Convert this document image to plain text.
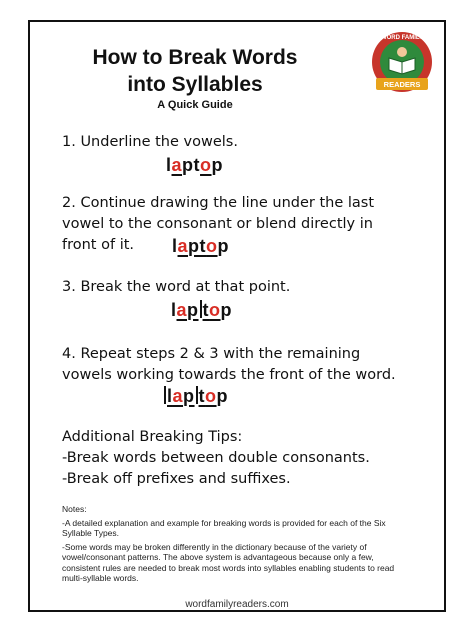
How to Break Words
into Syllables
A Quick Guide
WORD FAMILY
READERS
1. Underline the vowels.
laptop
2. Continue drawing the line under the last
vowel to the consonant or blend directly in
front of it.	laptop
3. Break the word at that point.
lap top
4. Repeat steps 2 & 3 with the remaining
vowels working towards the front of the word.
lap top
Additional Breaking Tips:
-Break words between double consonants.
-Break off prefixes and suffixes.

Notes:

-A detailed explanation and example for breaking words is provided for each of the Six Syllable Types.

-Some words may be broken differently in the dictionary because of the variety of vowel/consonant patterns. The above system is advantageous because only a few, consistent rules are needed to break most words into syllables enabling students to read multi-syllable words.

wordfamilyreaders.com
